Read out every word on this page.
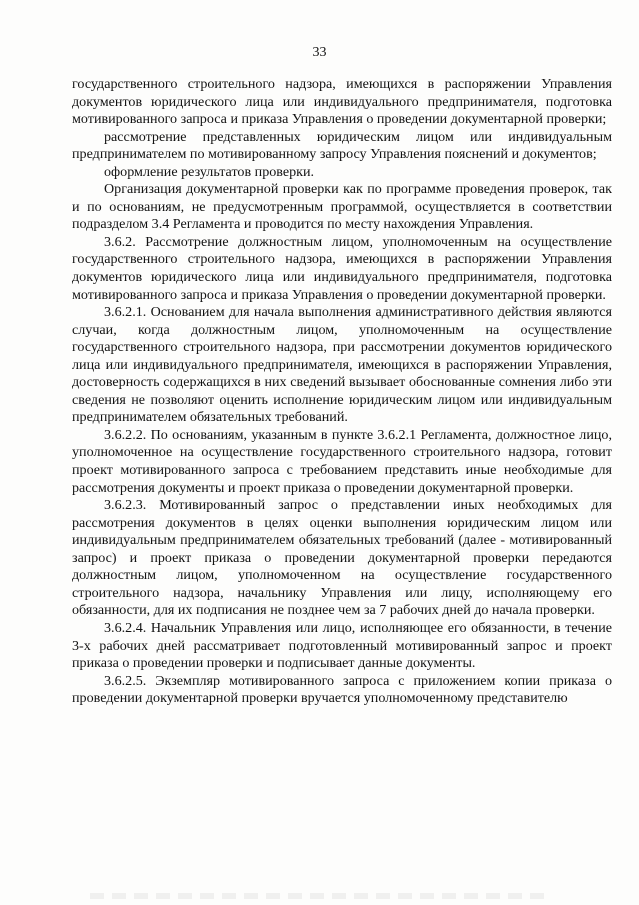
33

государственного строительного надзора, имеющихся в распоряжении Управления документов юридического лица или индивидуального предпринимателя, подготовка мотивированного запроса и приказа Управления о проведении документарной проверки;

рассмотрение представленных юридическим лицом или индивидуальным предпринимателем по мотивированному запросу Управления пояснений и документов;

оформление результатов проверки.

Организация документарной проверки как по программе проведения проверок, так и по основаниям, не предусмотренным программой, осуществляется в соответствии подразделом 3.4 Регламента и проводится по месту нахождения Управления.

3.6.2. Рассмотрение должностным лицом, уполномоченным на осуществление государственного строительного надзора, имеющихся в распоряжении Управления документов юридического лица или индивидуального предпринимателя, подготовка мотивированного запроса и приказа Управления о проведении документарной проверки.

3.6.2.1. Основанием для начала выполнения административного действия являются случаи, когда должностным лицом, уполномоченным на осуществление государственного строительного надзора, при рассмотрении документов юридического лица или индивидуального предпринимателя, имеющихся в распоряжении Управления, достоверность содержащихся в них сведений вызывает обоснованные сомнения либо эти сведения не позволяют оценить исполнение юридическим лицом или индивидуальным предпринимателем обязательных требований.

3.6.2.2. По основаниям, указанным в пункте 3.6.2.1 Регламента, должностное лицо, уполномоченное на осуществление государственного строительного надзора, готовит проект мотивированного запроса с требованием представить иные необходимые для рассмотрения документы и проект приказа о проведении документарной проверки.

3.6.2.3. Мотивированный запрос о представлении иных необходимых для рассмотрения документов в целях оценки выполнения юридическим лицом или индивидуальным предпринимателем обязательных требований (далее - мотивированный запрос) и проект приказа о проведении документарной проверки передаются должностным лицом, уполномоченном на осуществление государственного строительного надзора, начальнику Управления или лицу, исполняющему его обязанности, для их подписания не позднее чем за 7 рабочих дней до начала проверки.

3.6.2.4. Начальник Управления или лицо, исполняющее его обязанности, в течение 3-х рабочих дней рассматривает подготовленный мотивированный запрос и проект приказа о проведении проверки и подписывает данные документы.

3.6.2.5. Экземпляр мотивированного запроса с приложением копии приказа о проведении документарной проверки вручается уполномоченному представителю
